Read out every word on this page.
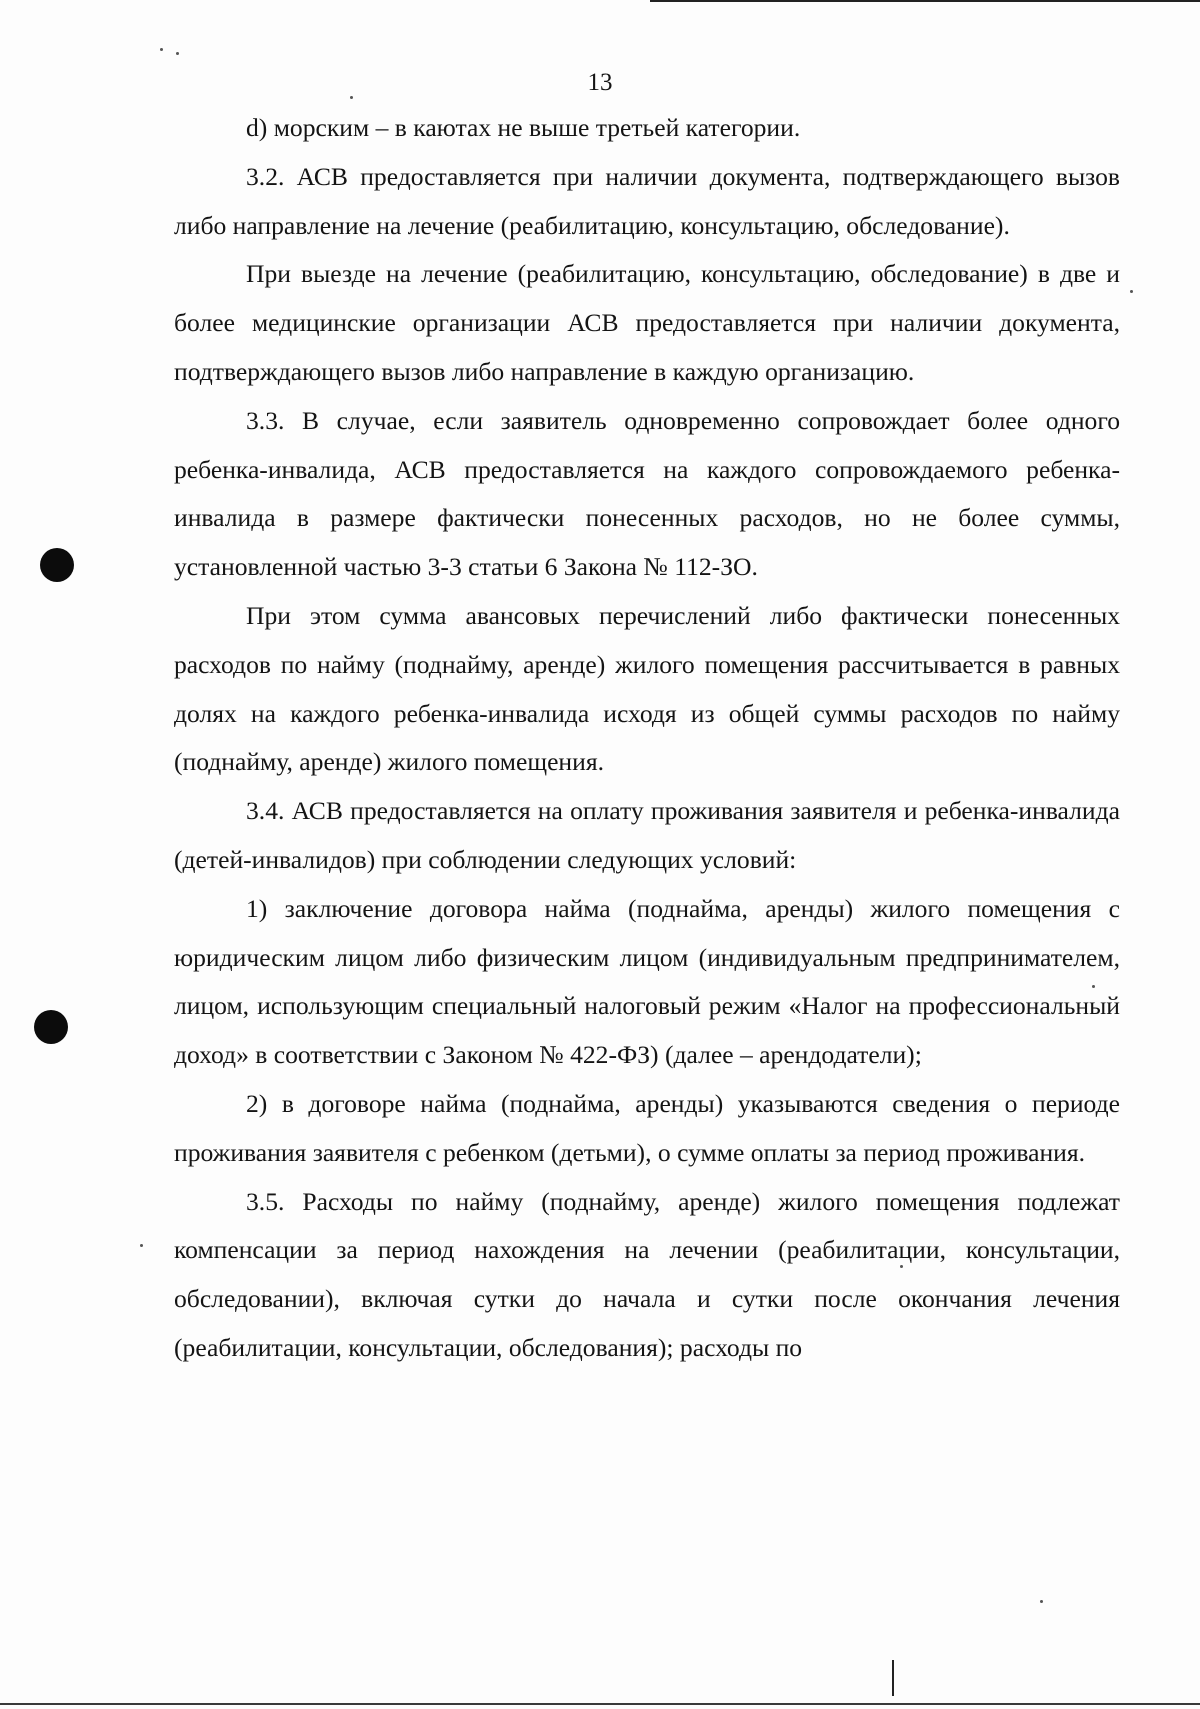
13

d) морским – в каютах не выше третьей категории.

3.2. АСВ предоставляется при наличии документа, подтверждающего вызов либо направление на лечение (реабилитацию, консультацию, обследование).

При выезде на лечение (реабилитацию, консультацию, обследование) в две и более медицинские организации АСВ предоставляется при наличии документа, подтверждающего вызов либо направление в каждую организацию.

3.3. В случае, если заявитель одновременно сопровождает более одного ребенка-инвалида, АСВ предоставляется на каждого сопровождаемого ребенка-инвалида в размере фактически понесенных расходов, но не более суммы, установленной частью 3-3 статьи 6 Закона № 112-ЗО.

При этом сумма авансовых перечислений либо фактически понесенных расходов по найму (поднайму, аренде) жилого помещения рассчитывается в равных долях на каждого ребенка-инвалида исходя из общей суммы расходов по найму (поднайму, аренде) жилого помещения.

3.4. АСВ предоставляется на оплату проживания заявителя и ребенка-инвалида (детей-инвалидов) при соблюдении следующих условий:

1) заключение договора найма (поднайма, аренды) жилого помещения с юридическим лицом либо физическим лицом (индивидуальным предпринимателем, лицом, использующим специальный налоговый режим «Налог на профессиональный доход» в соответствии с Законом № 422-ФЗ) (далее – арендодатели);

2) в договоре найма (поднайма, аренды) указываются сведения о периоде проживания заявителя с ребенком (детьми), о сумме оплаты за период проживания.

3.5. Расходы по найму (поднайму, аренде) жилого помещения подлежат компенсации за период нахождения на лечении (реабилитации, консультации, обследовании), включая сутки до начала и сутки после окончания лечения (реабилитации, консультации, обследования); расходы по
